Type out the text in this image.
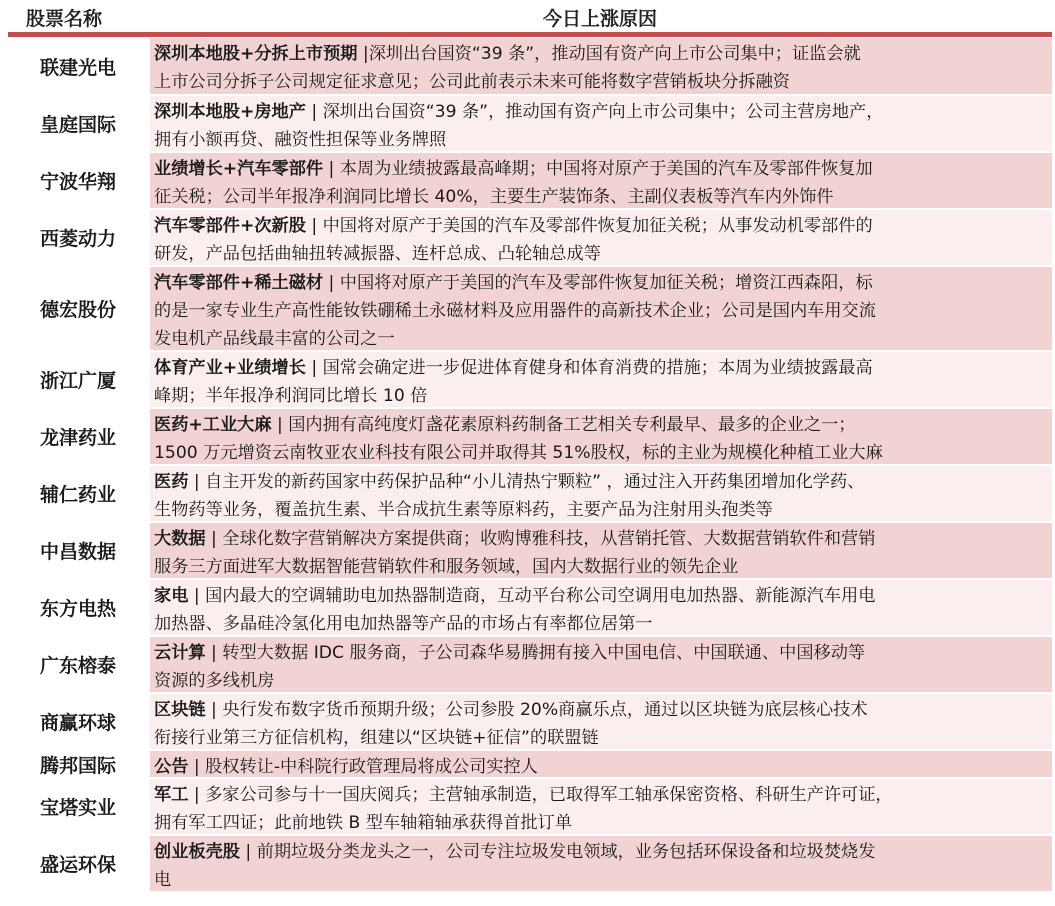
股票名称	今日上涨原因
联建光电
深圳本地股+分拆上市预期 |深圳出台国资“39 条”，推动国有资产向上市公司集中；证监会就
上市公司分拆子公司规定征求意见；公司此前表示未来可能将数字营销板块分拆融资
皇庭国际
深圳本地股+房地产 | 深圳出台国资“39 条”，推动国有资产向上市公司集中；公司主营房地产，
拥有小额再贷、融资性担保等业务牌照
宁波华翔
业绩增长+汽车零部件 | 本周为业绩披露最高峰期；中国将对原产于美国的汽车及零部件恢复加
征关税；公司半年报净利润同比增长 40%，主要生产装饰条、主副仪表板等汽车内外饰件
西菱动力
汽车零部件+次新股 | 中国将对原产于美国的汽车及零部件恢复加征关税；从事发动机零部件的
研发，产品包括曲轴扭转减振器、连杆总成、凸轮轴总成等
德宏股份
汽车零部件+稀土磁材 | 中国将对原产于美国的汽车及零部件恢复加征关税；增资江西森阳，标
的是一家专业生产高性能钕铁硼稀土永磁材料及应用器件的高新技术企业；公司是国内车用交流
发电机产品线最丰富的公司之一
浙江广厦
体育产业+业绩增长 | 国常会确定进一步促进体育健身和体育消费的措施；本周为业绩披露最高
峰期；半年报净利润同比增长 10 倍
龙津药业
医药+工业大麻 | 国内拥有高纯度灯盏花素原料药制备工艺相关专利最早、最多的企业之一；
1500 万元增资云南牧亚农业科技有限公司并取得其 51%股权，标的主业为规模化种植工业大麻
辅仁药业
医药 | 自主开发的新药国家中药保护品种“小儿清热宁颗粒” ，通过注入开药集团增加化学药、
生物药等业务，覆盖抗生素、半合成抗生素等原料药，主要产品为注射用头孢类等
中昌数据
大数据 | 全球化数字营销解决方案提供商；收购博雅科技，从营销托管、大数据营销软件和营销
服务三方面进军大数据智能营销软件和服务领域，国内大数据行业的领先企业
东方电热
家电 | 国内最大的空调辅助电加热器制造商，互动平台称公司空调用电加热器、新能源汽车用电
加热器、多晶硅冷氢化用电加热器等产品的市场占有率都位居第一
广东榕泰
云计算 | 转型大数据 IDC 服务商，子公司森华易腾拥有接入中国电信、中国联通、中国移动等
资源的多线机房
商赢环球
区块链 | 央行发布数字货币预期升级；公司参股 20%商赢乐点，通过以区块链为底层核心技术
衔接行业第三方征信机构，组建以“区块链+征信”的联盟链
腾邦国际	公告 | 股权转让-中科院行政管理局将成公司实控人
宝塔实业
军工 | 多家公司参与十一国庆阅兵；主营轴承制造，已取得军工轴承保密资格、科研生产许可证，
拥有军工四证；此前地铁 B 型车轴箱轴承获得首批订单
盛运环保
创业板壳股 | 前期垃圾分类龙头之一，公司专注垃圾发电领域，业务包括环保设备和垃圾焚烧发
电
